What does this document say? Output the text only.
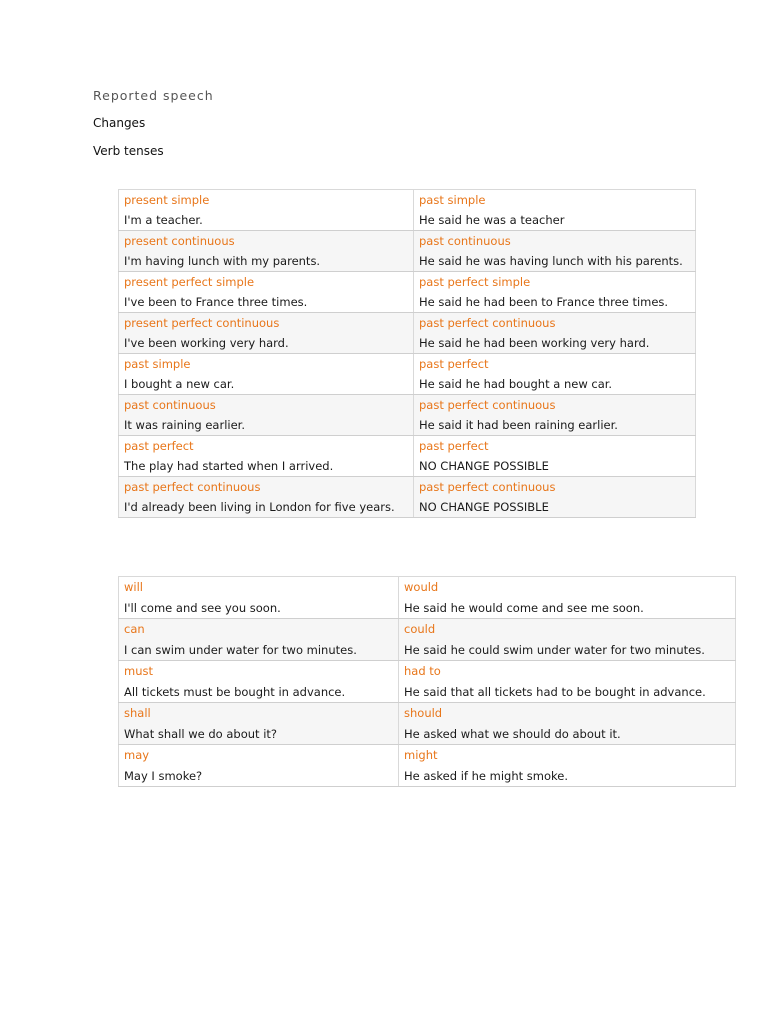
Reported speech
Changes
Verb tenses
present simple	past simple
I'm a teacher.	He said he was a teacher
present continuous	past continuous
I'm having lunch with my parents.	He said he was having lunch with his parents.
present perfect simple	past perfect simple
I've been to France three times.	He said he had been to France three times.
present perfect continuous	past perfect continuous
I've been working very hard.	He said he had been working very hard.
past simple	past perfect
I bought a new car.	He said he had bought a new car.
past continuous	past perfect continuous
It was raining earlier.	He said it had been raining earlier.
past perfect	past perfect
The play had started when I arrived.	NO CHANGE POSSIBLE
past perfect continuous	past perfect continuous
I'd already been living in London for five years.	NO CHANGE POSSIBLE
will	would
I'll come and see you soon.	He said he would come and see me soon.
can	could
I can swim under water for two minutes.	He said he could swim under water for two minutes.
must	had to
All tickets must be bought in advance.	He said that all tickets had to be bought in advance.
shall	should
What shall we do about it?	He asked what we should do about it.
may	might
May I smoke?	He asked if he might smoke.
